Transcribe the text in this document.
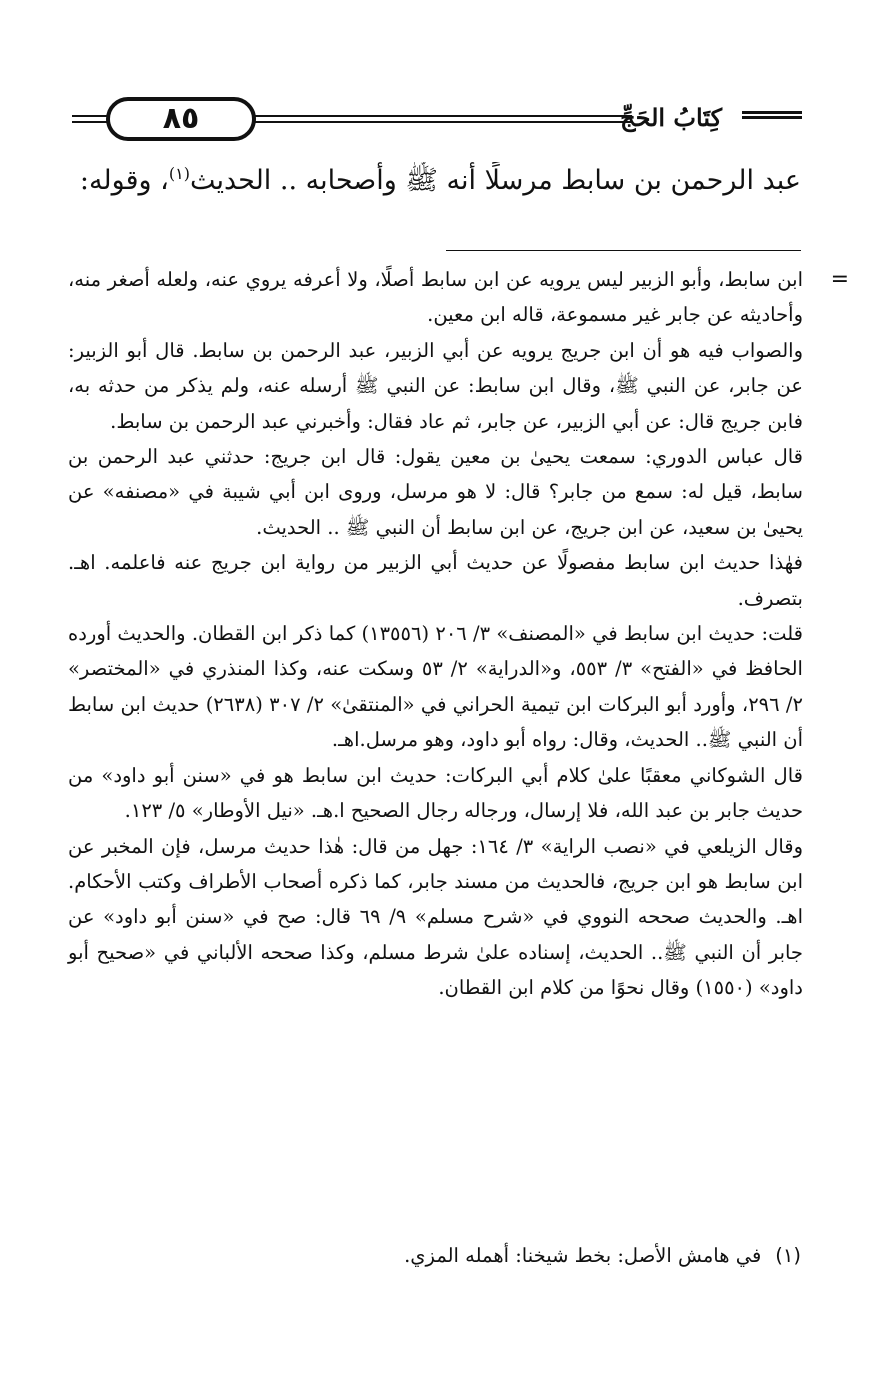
٨٥	كِتَابُ الحَجِّ
عبد الرحمن بن سابط مرسلًا أنه ﷺ وأصحابه .. الحديث$^{(١)}$، وقوله:

=
ابن سابط، وأبو الزبير ليس يرويه عن ابن سابط أصلًا، ولا أعرفه يروي عنه، ولعله أصغر منه، وأحاديثه عن جابر غير مسموعة، قاله ابن معين.

والصواب فيه هو أن ابن جريج يرويه عن أبي الزبير، عبد الرحمن بن سابط. قال أبو الزبير: عن جابر، عن النبي ﷺ، وقال ابن سابط: عن النبي ﷺ أرسله عنه، ولم يذكر من حدثه به، فابن جريج قال: عن أبي الزبير، عن جابر، ثم عاد فقال: وأخبرني عبد الرحمن بن سابط.

قال عباس الدوري: سمعت يحيىٰ بن معين يقول: قال ابن جريج: حدثني عبد الرحمن بن سابط، قيل له: سمع من جابر؟ قال: لا هو مرسل، وروى ابن أبي شيبة في «مصنفه» عن يحيىٰ بن سعيد، عن ابن جريج، عن ابن سابط أن النبي ﷺ .. الحديث.

فهٰذا حديث ابن سابط مفصولًا عن حديث أبي الزبير من رواية ابن جريج عنه فاعلمه. اهـ. بتصرف.

قلت: حديث ابن سابط في «المصنف» ٣/ ٢٠٦ (١٣٥٥٦) كما ذكر ابن القطان. والحديث أورده الحافظ في «الفتح» ٣/ ٥٥٣، و«الدراية» ٢/ ٥٣ وسكت عنه، وكذا المنذري في «المختصر» ٢/ ٢٩٦، وأورد أبو البركات ابن تيمية الحراني في «المنتقىٰ» ٢/ ٣٠٧ (٢٦٣٨) حديث ابن سابط أن النبي ﷺ.. الحديث، وقال: رواه أبو داود، وهو مرسل.اهـ.

قال الشوكاني معقبًا علىٰ كلام أبي البركات: حديث ابن سابط هو في «سنن أبو داود» من حديث جابر بن عبد الله، فلا إرسال، ورجاله رجال الصحيح ا.هـ. «نيل الأوطار» ٥/ ١٢٣.

وقال الزيلعي في «نصب الراية» ٣/ ١٦٤: جهل من قال: هٰذا حديث مرسل، فإن المخبر عن ابن سابط هو ابن جريج، فالحديث من مسند جابر، كما ذكره أصحاب الأطراف وكتب الأحكام. اهـ. والحديث صححه النووي في «شرح مسلم» ٩/ ٦٩ قال: صح في «سنن أبو داود» عن جابر أن النبي ﷺ.. الحديث، إسناده علىٰ شرط مسلم، وكذا صححه الألباني في «صحيح أبو داود» (١٥٥٠) وقال نحوًا من كلام ابن القطان.

(١)في هامش الأصل: بخط شيخنا: أهمله المزي.
